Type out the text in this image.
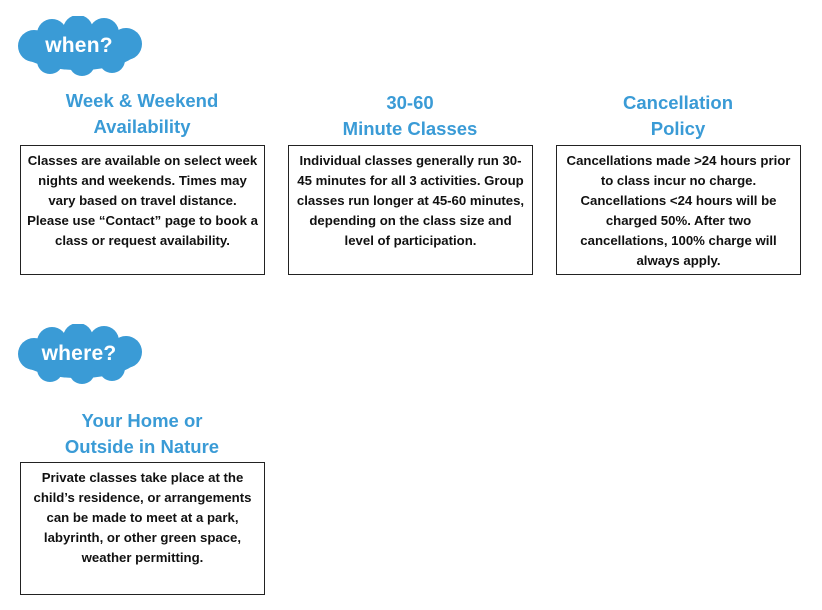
when?
Week & Weekend
Availability
Classes are available on select week nights and weekends. Times may vary based on travel distance. Please use “Contact” page to book a class or request availability.
30-60
Minute Classes
Individual classes generally run 30-45 minutes for all 3 activities. Group classes run longer at 45-60 minutes, depending on the class size and level of participation.
Cancellation
Policy
Cancellations made >24 hours prior to class incur no charge. Cancellations <24 hours will be charged 50%. After two cancellations, 100% charge will always apply.
where?
Your Home or
Outside in Nature
Private classes take place at the child’s residence, or arrangements can be made to meet at a park, labyrinth, or other green space, weather permitting.
